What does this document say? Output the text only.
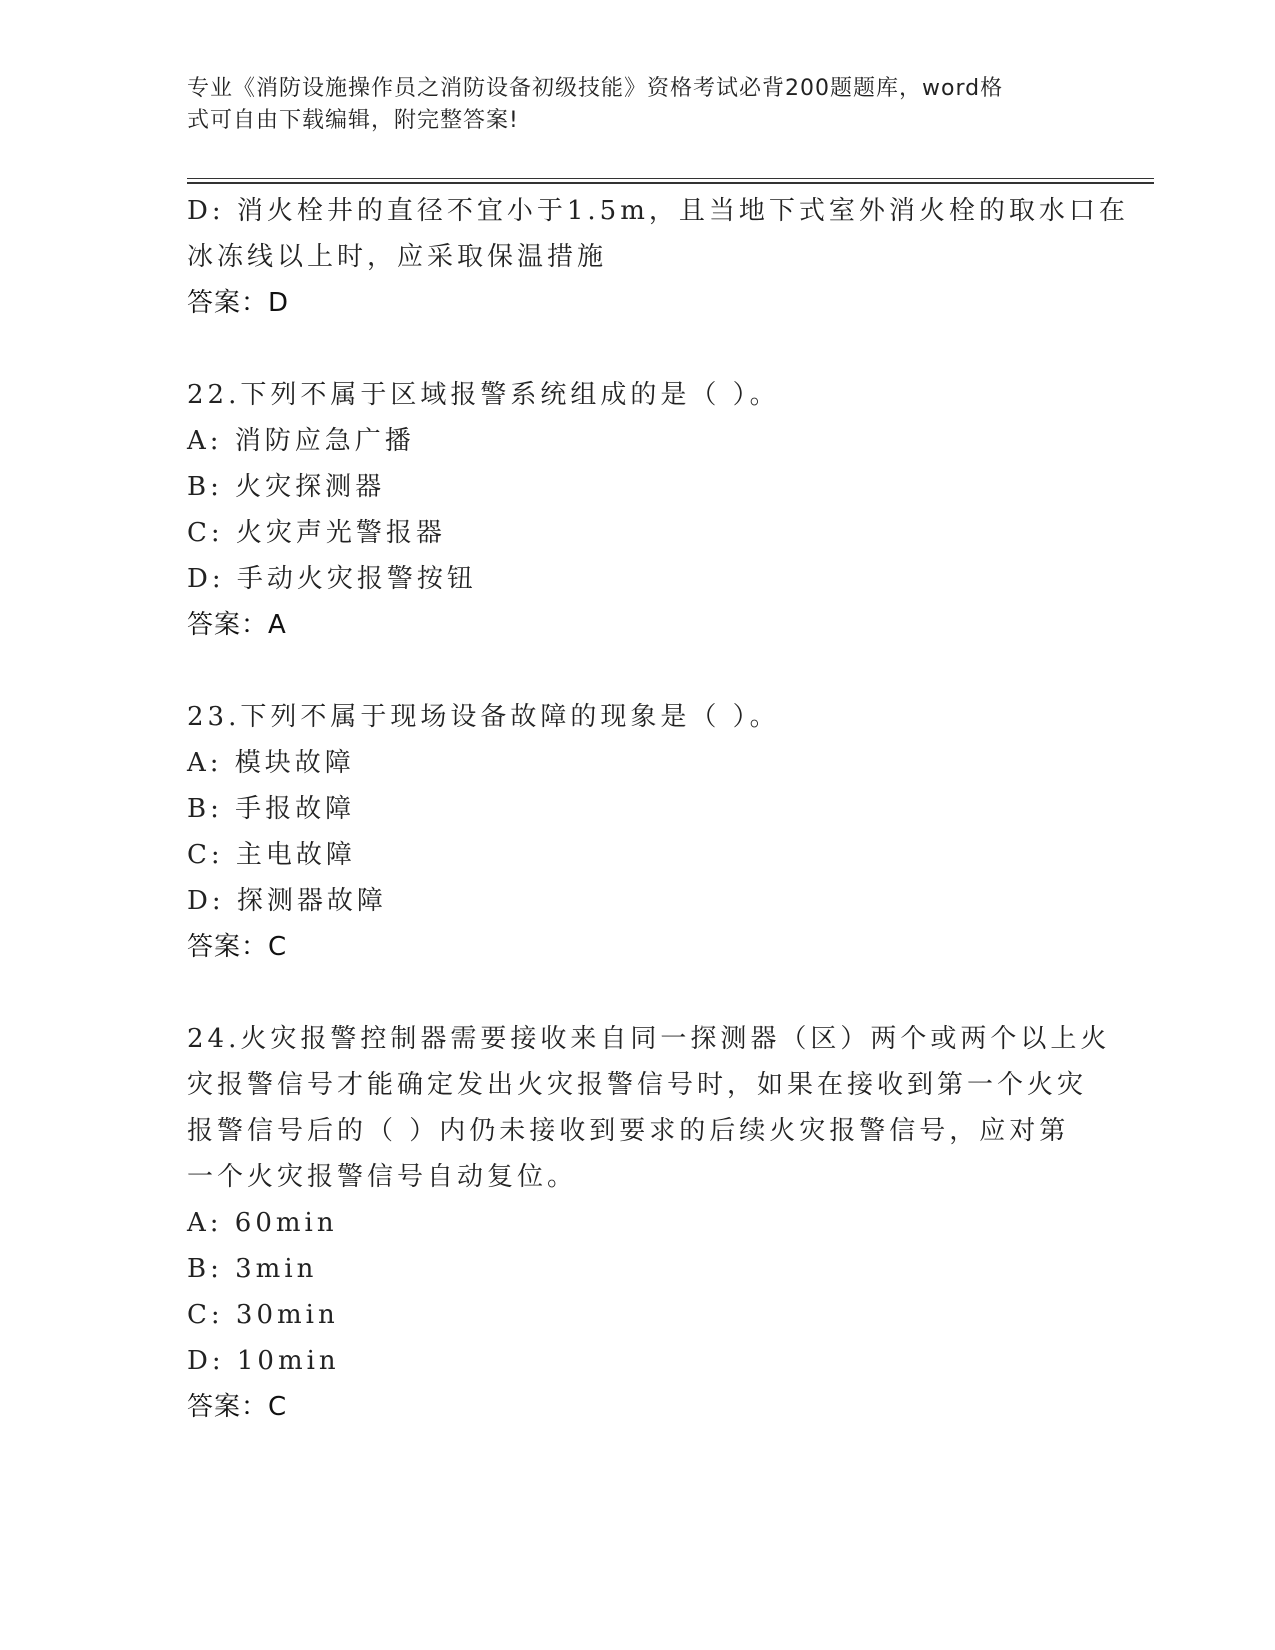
专业《消防设施操作员之消防设备初级技能》资格考试必背200题题库，word格
式可自由下载编辑，附完整答案!
D: 消火栓井的直径不宜小于1.5m，且当地下式室外消火栓的取水口在
冰冻线以上时，应采取保温措施
答案：D
22.下列不属于区域报警系统组成的是（ ）。
A: 消防应急广播
B: 火灾探测器
C: 火灾声光警报器
D: 手动火灾报警按钮
答案：A
23.下列不属于现场设备故障的现象是（ ）。
A: 模块故障
B: 手报故障
C: 主电故障
D: 探测器故障
答案：C
24.火灾报警控制器需要接收来自同一探测器（区）两个或两个以上火
灾报警信号才能确定发出火灾报警信号时，如果在接收到第一个火灾
报警信号后的（ ）内仍未接收到要求的后续火灾报警信号，应对第
一个火灾报警信号自动复位。
A: 60min
B: 3min
C: 30min
D: 10min
答案：C
